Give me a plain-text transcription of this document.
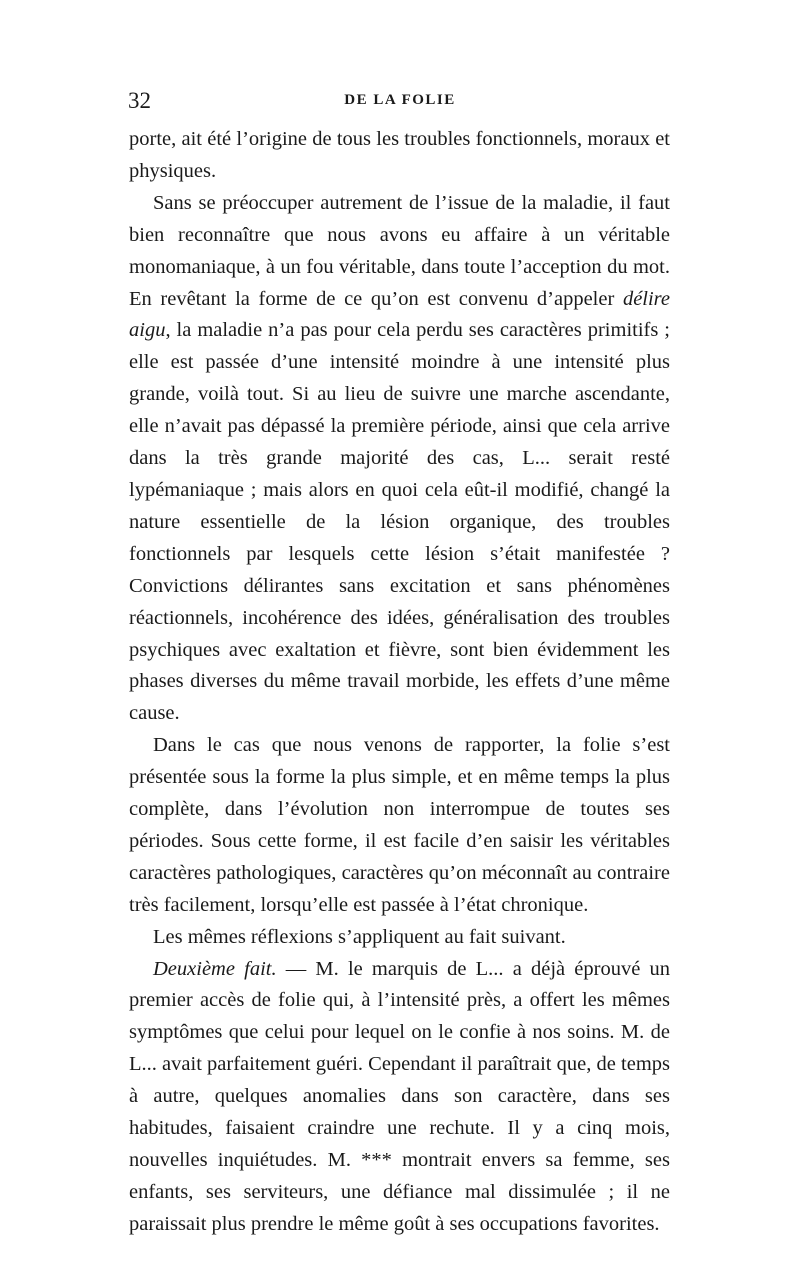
32	DE LA FOLIE

porte, ait été l’origine de tous les troubles fonctionnels, moraux et physiques.

Sans se préoccuper autrement de l’issue de la maladie, il faut bien reconnaître que nous avons eu affaire à un véritable monomaniaque, à un fou véritable, dans toute l’acception du mot. En revêtant la forme de ce qu’on est convenu d’appeler délire aigu, la maladie n’a pas pour cela perdu ses caractères primitifs ; elle est passée d’une intensité moindre à une intensité plus grande, voilà tout. Si au lieu de suivre une marche ascendante, elle n’avait pas dépassé la première période, ainsi que cela arrive dans la très grande majorité des cas, L... serait resté lypémaniaque ; mais alors en quoi cela eût-il modifié, changé la nature essentielle de la lésion organique, des troubles fonctionnels par lesquels cette lésion s’était manifestée ? Convictions délirantes sans excitation et sans phénomènes réactionnels, incohérence des idées, généralisation des troubles psychiques avec exaltation et fièvre, sont bien évidemment les phases diverses du même travail morbide, les effets d’une même cause.

Dans le cas que nous venons de rapporter, la folie s’est présentée sous la forme la plus simple, et en même temps la plus complète, dans l’évolution non interrompue de toutes ses périodes. Sous cette forme, il est facile d’en saisir les véritables caractères pathologiques, caractères qu’on méconnaît au contraire très facilement, lorsqu’elle est passée à l’état chronique.

Les mêmes réflexions s’appliquent au fait suivant.

Deuxième fait. — M. le marquis de L... a déjà éprouvé un premier accès de folie qui, à l’intensité près, a offert les mêmes symptômes que celui pour lequel on le confie à nos soins. M. de L... avait parfaitement guéri. Cependant il paraîtrait que, de temps à autre, quelques anomalies dans son caractère, dans ses habitudes, faisaient craindre une rechute. Il y a cinq mois, nouvelles inquiétudes. M. *** montrait envers sa femme, ses enfants, ses serviteurs, une défiance mal dissimulée ; il ne paraissait plus prendre le même goût à ses occupations favorites.
